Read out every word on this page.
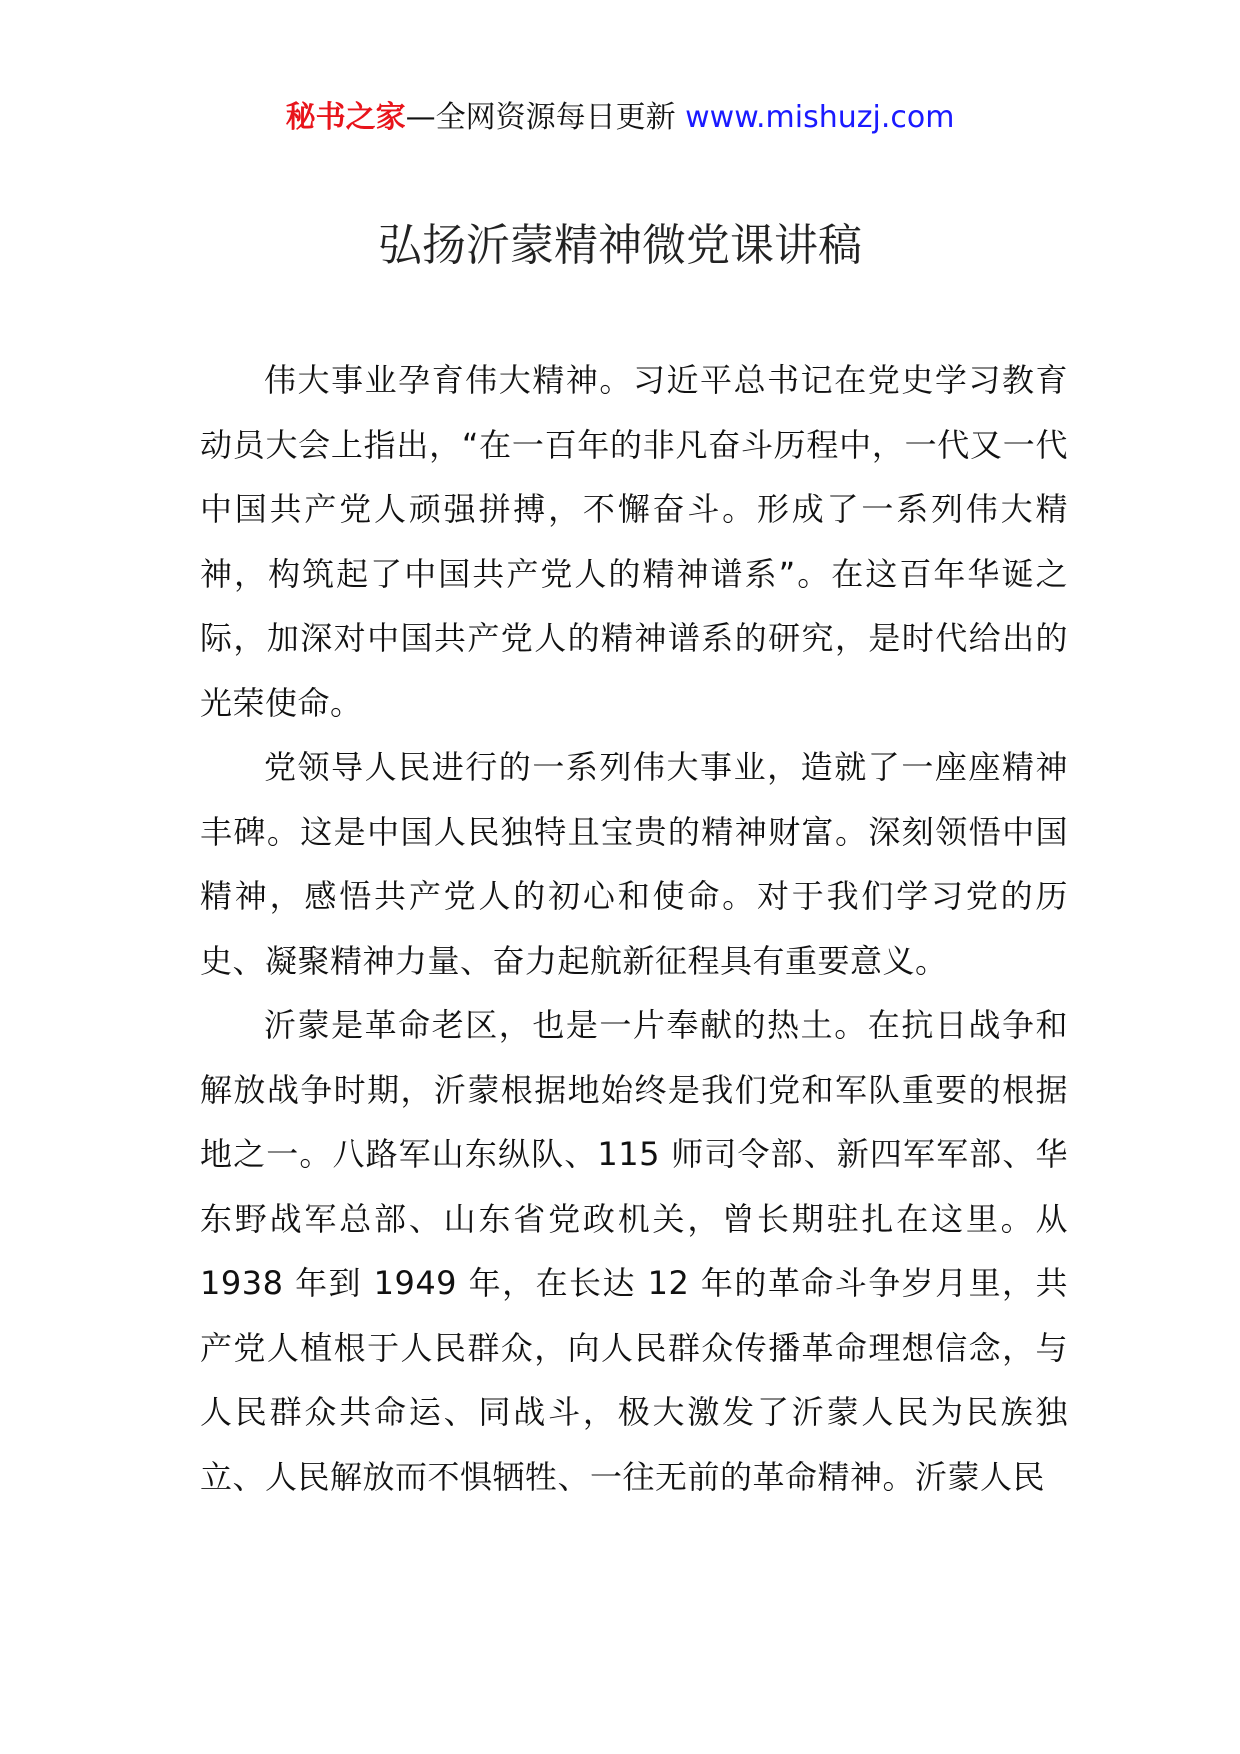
秘书之家—全网资源每日更新 www.mishuzj.com
弘扬沂蒙精神微党课讲稿

伟大事业孕育伟大精神。习近平总书记在党史学习教育动员大会上指出，“在一百年的非凡奋斗历程中，一代又一代中国共产党人顽强拼搏，不懈奋斗。形成了一系列伟大精神，构筑起了中国共产党人的精神谱系”。在这百年华诞之际，加深对中国共产党人的精神谱系的研究，是时代给出的光荣使命。

党领导人民进行的一系列伟大事业，造就了一座座精神丰碑。这是中国人民独特且宝贵的精神财富。深刻领悟中国精神，感悟共产党人的初心和使命。对于我们学习党的历史、凝聚精神力量、奋力起航新征程具有重要意义。

沂蒙是革命老区，也是一片奉献的热土。在抗日战争和解放战争时期，沂蒙根据地始终是我们党和军队重要的根据地之一。八路军山东纵队、115 师司令部、新四军军部、华东野战军总部、山东省党政机关，曾长期驻扎在这里。从 1938 年到 1949 年，在长达 12 年的革命斗争岁月里，共产党人植根于人民群众，向人民群众传播革命理想信念，与人民群众共命运、同战斗，极大激发了沂蒙人民为民族独立、人民解放而不惧牺牲、一往无前的革命精神。沂蒙人民
